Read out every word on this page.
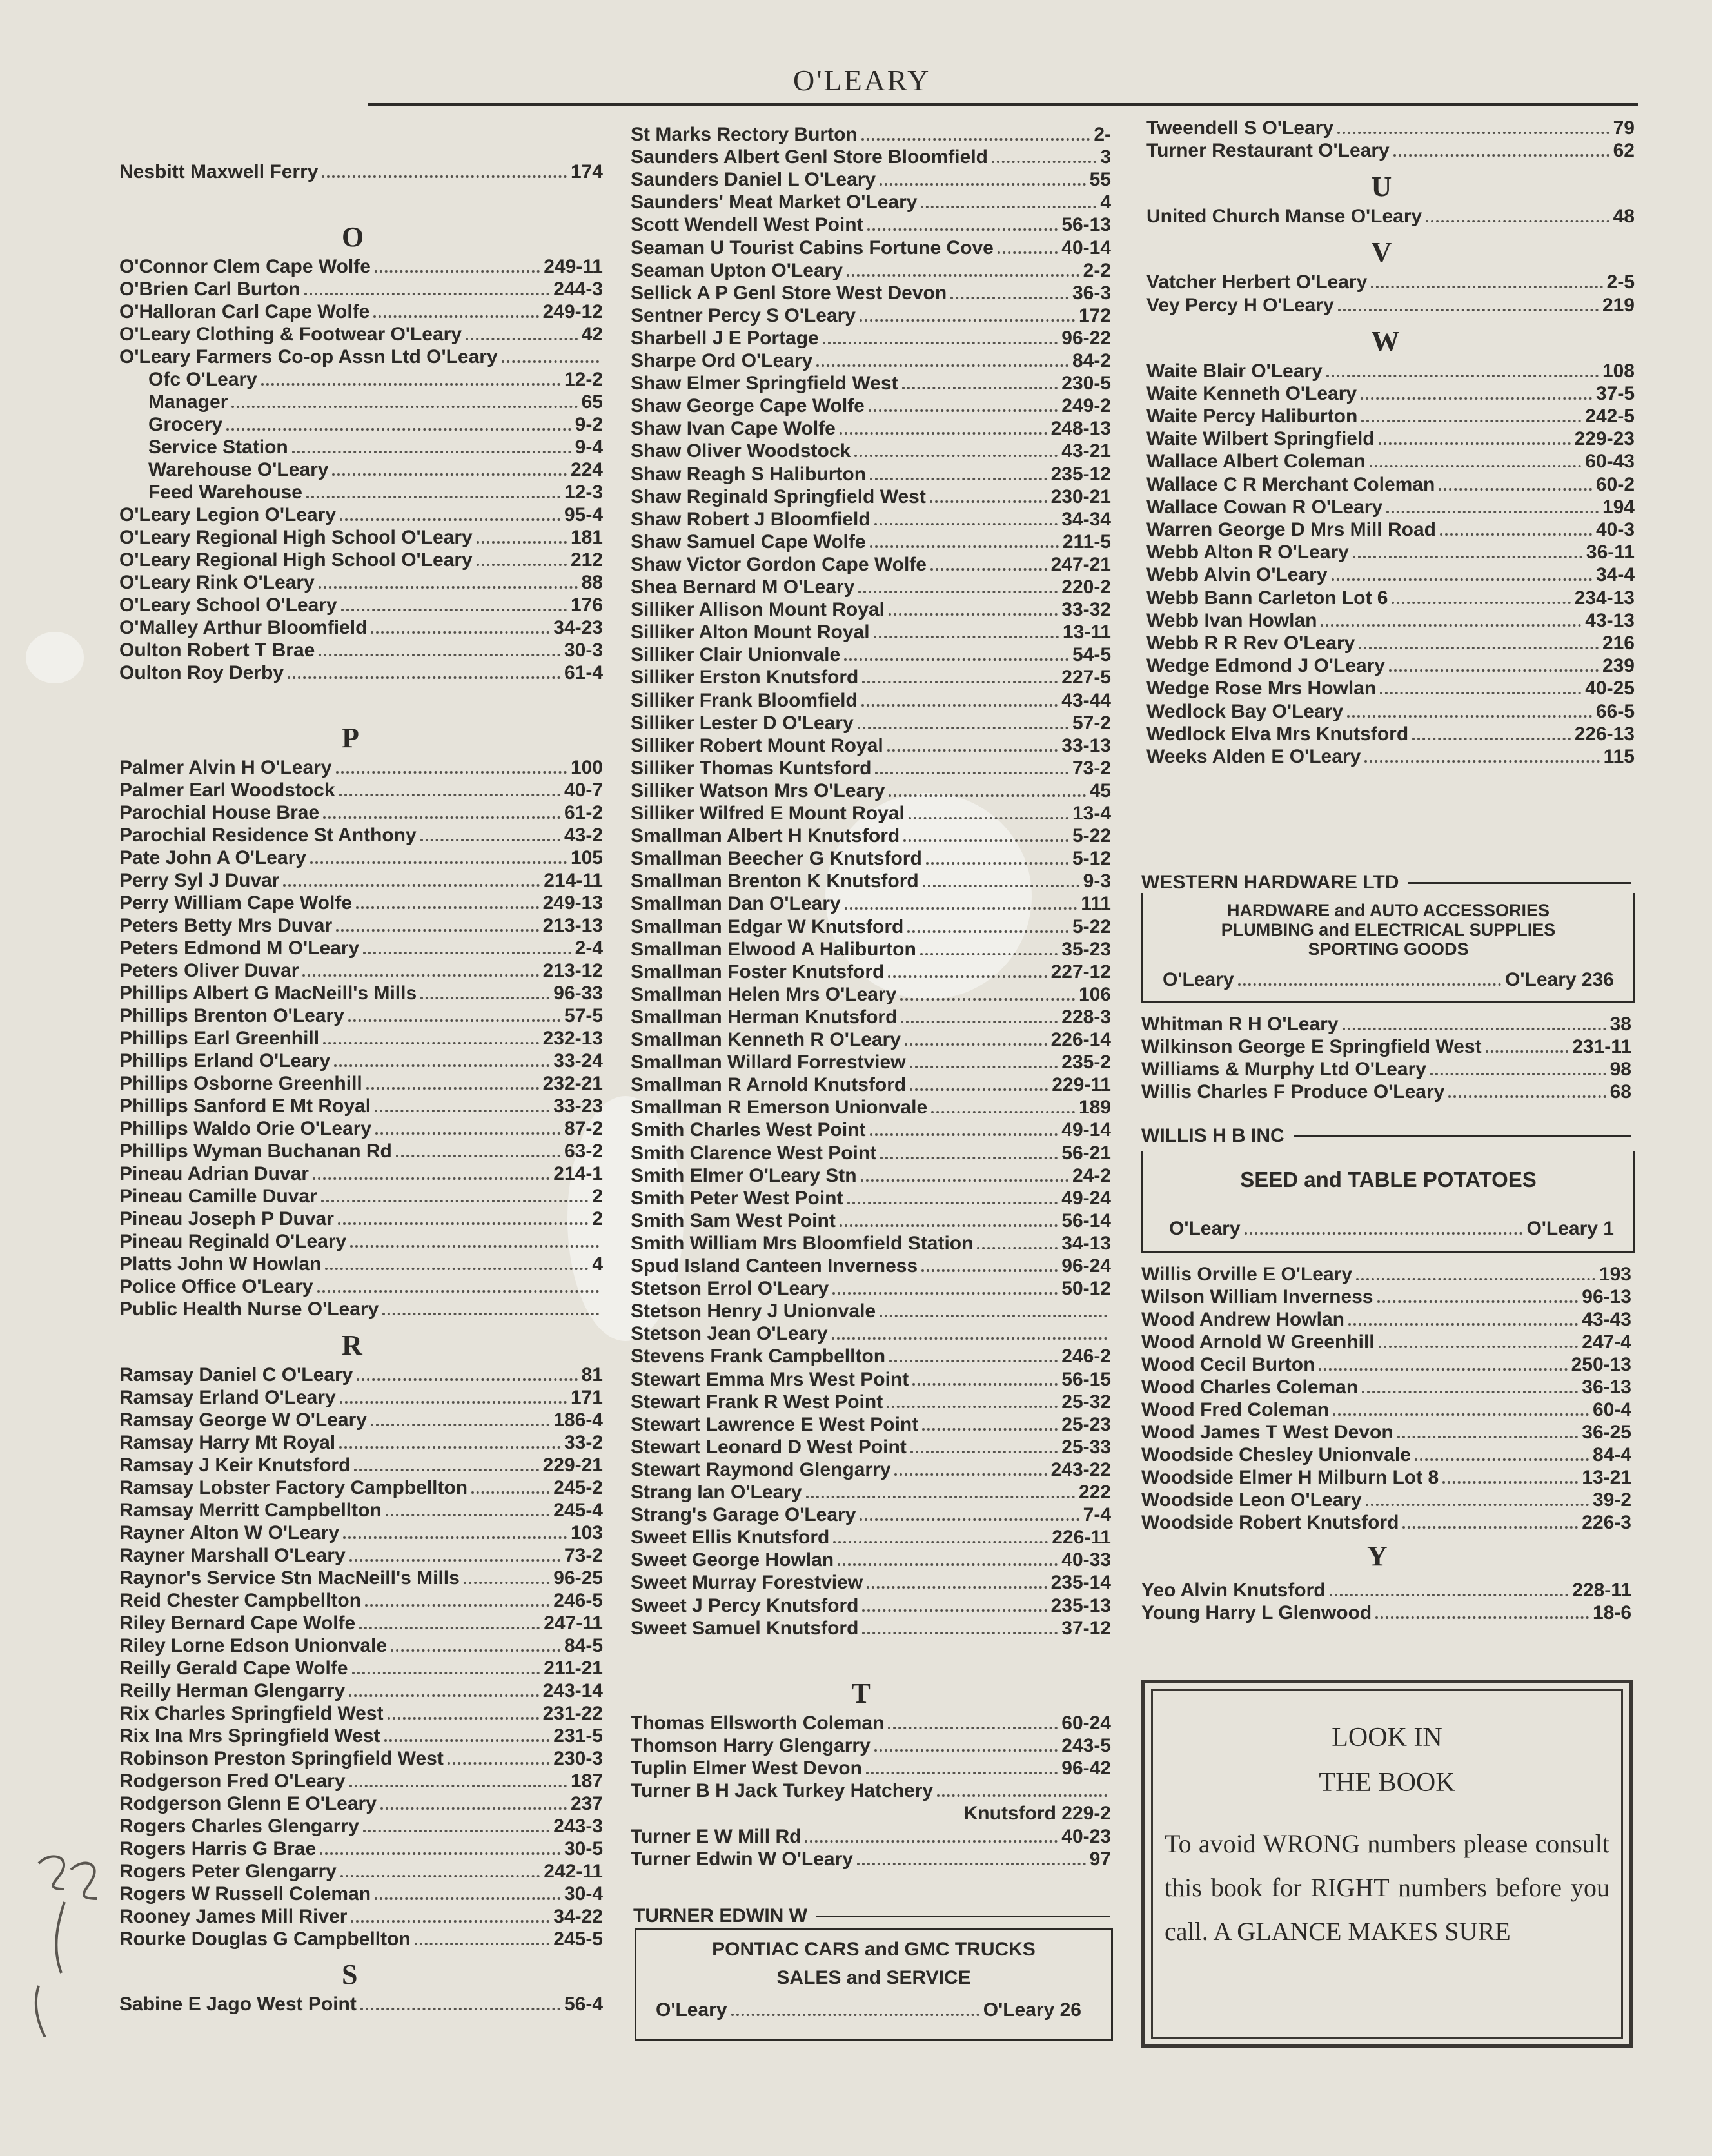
O'LEARY
TURNER EDWIN W
PONTIAC CARS and GMC TRUCKS
SALES and SERVICE
O'Leary	O'Leary 26
WESTERN HARDWARE LTD
HARDWARE and AUTO ACCESSORIES
PLUMBING and ELECTRICAL SUPPLIES
SPORTING GOODS
O'Leary	O'Leary 236
WILLIS H B INC
SEED and TABLE POTATOES
O'Leary	O'Leary 1
LOOK IN
THE BOOK
To avoid WRONG numbers please consult this book for RIGHT numbers before you call. A GLANCE MAKES SURE
Nesbitt Maxwell Ferry	174
O
O'Connor Clem Cape Wolfe	249-11
O'Brien Carl Burton	244-3
O'Halloran Carl Cape Wolfe	249-12
O'Leary Clothing & Footwear O'Leary	42
O'Leary Farmers Co-op Assn Ltd O'Leary
Ofc O'Leary	12-2
Manager	65
Grocery	9-2
Service Station	9-4
Warehouse O'Leary	224
Feed Warehouse	12-3
O'Leary Legion O'Leary	95-4
O'Leary Regional High School O'Leary	181
O'Leary Regional High School O'Leary	212
O'Leary Rink O'Leary	88
O'Leary School O'Leary	176
O'Malley Arthur Bloomfield	34-23
Oulton Robert T Brae	30-3
Oulton Roy Derby	61-4
P
Palmer Alvin H O'Leary	100
Palmer Earl Woodstock	40-7
Parochial House Brae	61-2
Parochial Residence St Anthony	43-2
Pate John A O'Leary	105
Perry Syl J Duvar	214-11
Perry William Cape Wolfe	249-13
Peters Betty Mrs Duvar	213-13
Peters Edmond M O'Leary	2-4
Peters Oliver Duvar	213-12
Phillips Albert G MacNeill's Mills	96-33
Phillips Brenton O'Leary	57-5
Phillips Earl Greenhill	232-13
Phillips Erland O'Leary	33-24
Phillips Osborne Greenhill	232-21
Phillips Sanford E Mt Royal	33-23
Phillips Waldo Orie O'Leary	87-2
Phillips Wyman Buchanan Rd	63-2
Pineau Adrian Duvar	214-1
Pineau Camille Duvar	2
Pineau Joseph P Duvar	2
Pineau Reginald O'Leary
Platts John W Howlan	4
Police Office O'Leary
Public Health Nurse O'Leary
R
Ramsay Daniel C O'Leary	81
Ramsay Erland O'Leary	171
Ramsay George W O'Leary	186-4
Ramsay Harry Mt Royal	33-2
Ramsay J Keir Knutsford	229-21
Ramsay Lobster Factory Campbellton	245-2
Ramsay Merritt Campbellton	245-4
Rayner Alton W O'Leary	103
Rayner Marshall O'Leary	73-2
Raynor's Service Stn MacNeill's Mills	96-25
Reid Chester Campbellton	246-5
Riley Bernard Cape Wolfe	247-11
Riley Lorne Edson Unionvale	84-5
Reilly Gerald Cape Wolfe	211-21
Reilly Herman Glengarry	243-14
Rix Charles Springfield West	231-22
Rix Ina Mrs Springfield West	231-5
Robinson Preston Springfield West	230-3
Rodgerson Fred O'Leary	187
Rodgerson Glenn E O'Leary	237
Rogers Charles Glengarry	243-3
Rogers Harris G Brae	30-5
Rogers Peter Glengarry	242-11
Rogers W Russell Coleman	30-4
Rooney James Mill River	34-22
Rourke Douglas G Campbellton	245-5
S
Sabine E Jago West Point	56-4
St Marks Rectory Burton	2-
Saunders Albert Genl Store Bloomfield	3
Saunders Daniel L O'Leary	55
Saunders' Meat Market O'Leary	4
Scott Wendell West Point	56-13
Seaman U Tourist Cabins Fortune Cove	40-14
Seaman Upton O'Leary	2-2
Sellick A P Genl Store West Devon	36-3
Sentner Percy S O'Leary	172
Sharbell J E Portage	96-22
Sharpe Ord O'Leary	84-2
Shaw Elmer Springfield West	230-5
Shaw George Cape Wolfe	249-2
Shaw Ivan Cape Wolfe	248-13
Shaw Oliver Woodstock	43-21
Shaw Reagh S Haliburton	235-12
Shaw Reginald Springfield West	230-21
Shaw Robert J Bloomfield	34-34
Shaw Samuel Cape Wolfe	211-5
Shaw Victor Gordon Cape Wolfe	247-21
Shea Bernard M O'Leary	220-2
Silliker Allison Mount Royal	33-32
Silliker Alton Mount Royal	13-11
Silliker Clair Unionvale	54-5
Silliker Erston Knutsford	227-5
Silliker Frank Bloomfield	43-44
Silliker Lester D O'Leary	57-2
Silliker Robert Mount Royal	33-13
Silliker Thomas Kuntsford	73-2
Silliker Watson Mrs O'Leary	45
Silliker Wilfred E Mount Royal	13-4
Smallman Albert H Knutsford	5-22
Smallman Beecher G Knutsford	5-12
Smallman Brenton K Knutsford	9-3
Smallman Dan O'Leary	111
Smallman Edgar W Knutsford	5-22
Smallman Elwood A Haliburton	35-23
Smallman Foster Knutsford	227-12
Smallman Helen Mrs O'Leary	106
Smallman Herman Knutsford	228-3
Smallman Kenneth R O'Leary	226-14
Smallman Willard Forrestview	235-2
Smallman R Arnold Knutsford	229-11
Smallman R Emerson Unionvale	189
Smith Charles West Point	49-14
Smith Clarence West Point	56-21
Smith Elmer O'Leary Stn	24-2
Smith Peter West Point	49-24
Smith Sam West Point	56-14
Smith William Mrs Bloomfield Station	34-13
Spud Island Canteen Inverness	96-24
Stetson Errol O'Leary	50-12
Stetson Henry J Unionvale
Stetson Jean O'Leary
Stevens Frank Campbellton	246-2
Stewart Emma Mrs West Point	56-15
Stewart Frank R West Point	25-32
Stewart Lawrence E West Point	25-23
Stewart Leonard D West Point	25-33
Stewart Raymond Glengarry	243-22
Strang Ian O'Leary	222
Strang's Garage O'Leary	7-4
Sweet Ellis Knutsford	226-11
Sweet George Howlan	40-33
Sweet Murray Forestview	235-14
Sweet J Percy Knutsford	235-13
Sweet Samuel Knutsford	37-12
T
Thomas Ellsworth Coleman	60-24
Thomson Harry Glengarry	243-5
Tuplin Elmer West Devon	96-42
Turner B H Jack Turkey Hatchery
Knutsford 229-2
Turner E W Mill Rd	40-23
Turner Edwin W O'Leary	97
Tweendell S O'Leary	79
Turner Restaurant O'Leary	62
U
United Church Manse O'Leary	48
V
Vatcher Herbert O'Leary	2-5
Vey Percy H O'Leary	219
W
Waite Blair O'Leary	108
Waite Kenneth O'Leary	37-5
Waite Percy Haliburton	242-5
Waite Wilbert Springfield	229-23
Wallace Albert Coleman	60-43
Wallace C R Merchant Coleman	60-2
Wallace Cowan R O'Leary	194
Warren George D Mrs Mill Road	40-3
Webb Alton R O'Leary	36-11
Webb Alvin O'Leary	34-4
Webb Bann Carleton Lot 6	234-13
Webb Ivan Howlan	43-13
Webb R R Rev O'Leary	216
Wedge Edmond J O'Leary	239
Wedge Rose Mrs Howlan	40-25
Wedlock Bay O'Leary	66-5
Wedlock Elva Mrs Knutsford	226-13
Weeks Alden E O'Leary	115
Whitman R H O'Leary	38
Wilkinson George E Springfield West	231-11
Williams & Murphy Ltd O'Leary	98
Willis Charles F Produce O'Leary	68
Willis Orville E O'Leary	193
Wilson William Inverness	96-13
Wood Andrew Howlan	43-43
Wood Arnold W Greenhill	247-4
Wood Cecil Burton	250-13
Wood Charles Coleman	36-13
Wood Fred Coleman	60-4
Wood James T West Devon	36-25
Woodside Chesley Unionvale	84-4
Woodside Elmer H Milburn Lot 8	13-21
Woodside Leon O'Leary	39-2
Woodside Robert Knutsford	226-3
Y
Yeo Alvin Knutsford	228-11
Young Harry L Glenwood	18-6
